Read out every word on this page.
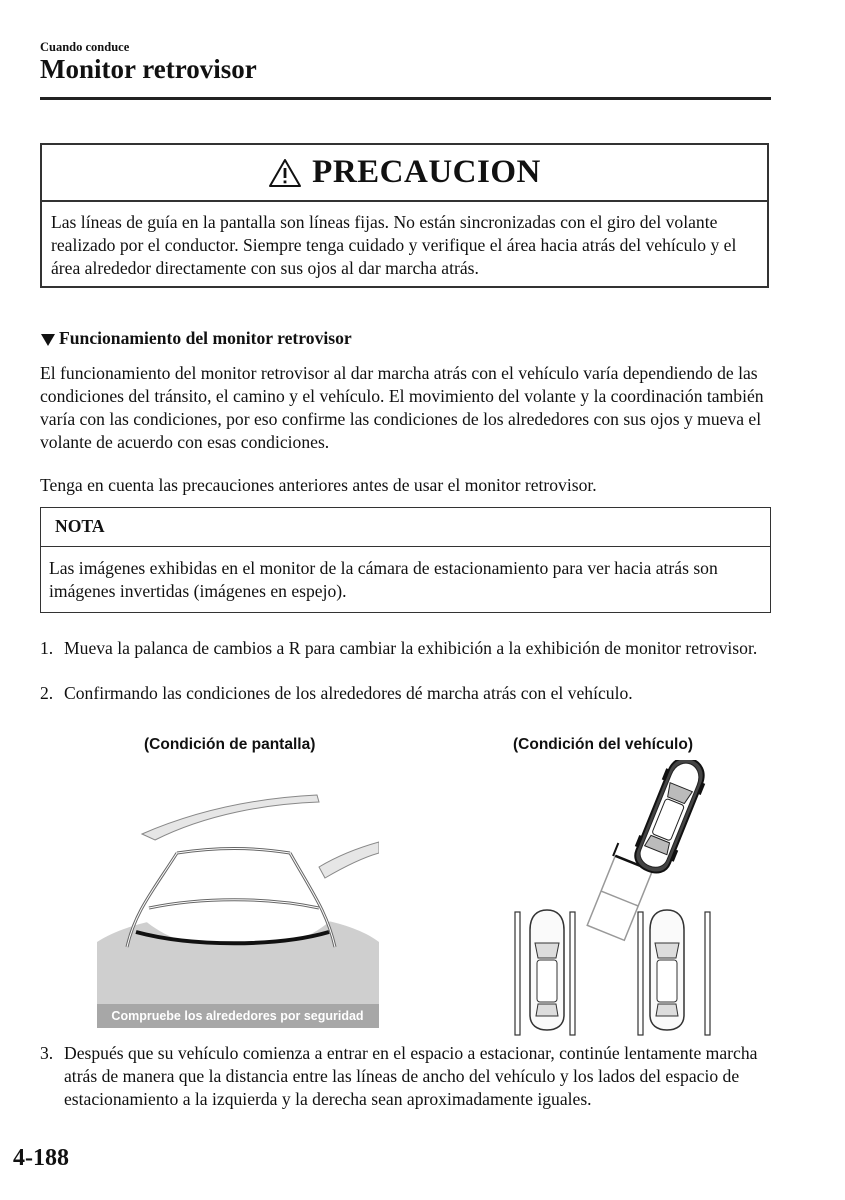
Cuando conduce
Monitor retrovisor
PRECAUCION
Las líneas de guía en la pantalla son líneas fijas. No están sincronizadas con el giro del volante realizado por el conductor. Siempre tenga cuidado y verifique el área hacia atrás del vehículo y el área alrededor directamente con sus ojos al dar marcha atrás.
Funcionamiento del monitor retrovisor
El funcionamiento del monitor retrovisor al dar marcha atrás con el vehículo varía dependiendo de las condiciones del tránsito, el camino y el vehículo. El movimiento del volante y la coordinación también varía con las condiciones, por eso confirme las condiciones de los alrededores con sus ojos y mueva el volante de acuerdo con esas condiciones.
Tenga en cuenta las precauciones anteriores antes de usar el monitor retrovisor.
NOTA
Las imágenes exhibidas en el monitor de la cámara de estacionamiento para ver hacia atrás son imágenes invertidas (imágenes en espejo).
1. Mueva la palanca de cambios a R para cambiar la exhibición a la exhibición de monitor retrovisor.
2. Confirmando las condiciones de los alrededores dé marcha atrás con el vehículo.
(Condición de pantalla)	(Condición del vehículo)
Compruebe los alrededores por seguridad
3. Después que su vehículo comienza a entrar en el espacio a estacionar, continúe lentamente marcha atrás de manera que la distancia entre las líneas de ancho del vehículo y los lados del espacio de estacionamiento a la izquierda y la derecha sean aproximadamente iguales.
4-188
